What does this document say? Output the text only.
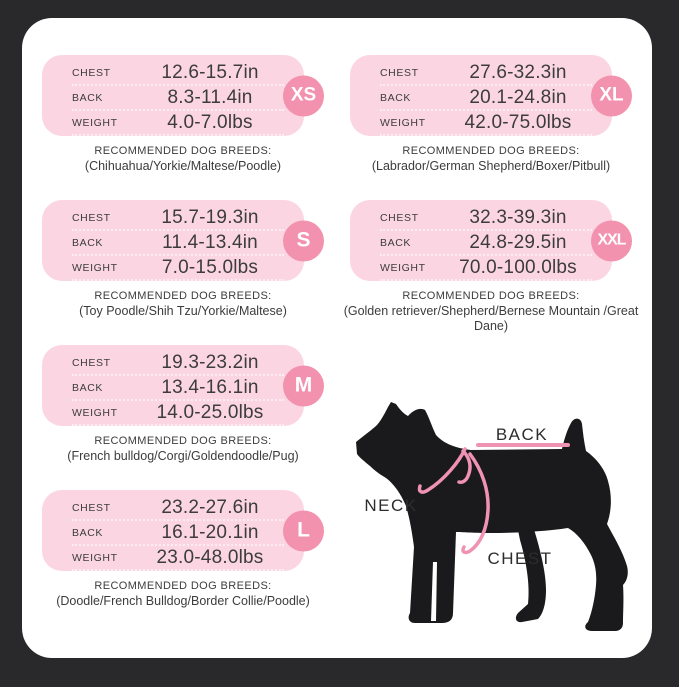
CHEST	12.6-15.7in
BACK	8.3-11.4in
WEIGHT	4.0-7.0lbs
XS
RECOMMENDED DOG BREEDS:
(Chihuahua/Yorkie/Maltese/Poodle)
CHEST	15.7-19.3in
BACK	11.4-13.4in
WEIGHT	7.0-15.0lbs
S
RECOMMENDED DOG BREEDS:
(Toy Poodle/Shih Tzu/Yorkie/Maltese)
CHEST	19.3-23.2in
BACK	13.4-16.1in
WEIGHT	14.0-25.0lbs
M
RECOMMENDED DOG BREEDS:
(French bulldog/Corgi/Goldendoodle/Pug)
CHEST	23.2-27.6in
BACK	16.1-20.1in
WEIGHT	23.0-48.0lbs
L
RECOMMENDED DOG BREEDS:
(Doodle/French Bulldog/Border Collie/Poodle)
CHEST	27.6-32.3in
BACK	20.1-24.8in
WEIGHT	42.0-75.0lbs
XL
RECOMMENDED DOG BREEDS:
(Labrador/German Shepherd/Boxer/Pitbull)
CHEST	32.3-39.3in
BACK	24.8-29.5in
WEIGHT	70.0-100.0lbs
XXL
RECOMMENDED DOG BREEDS:
(Golden retriever/Shepherd/Bernese Mountain /Great Dane)
BACK
NECK
CHEST
